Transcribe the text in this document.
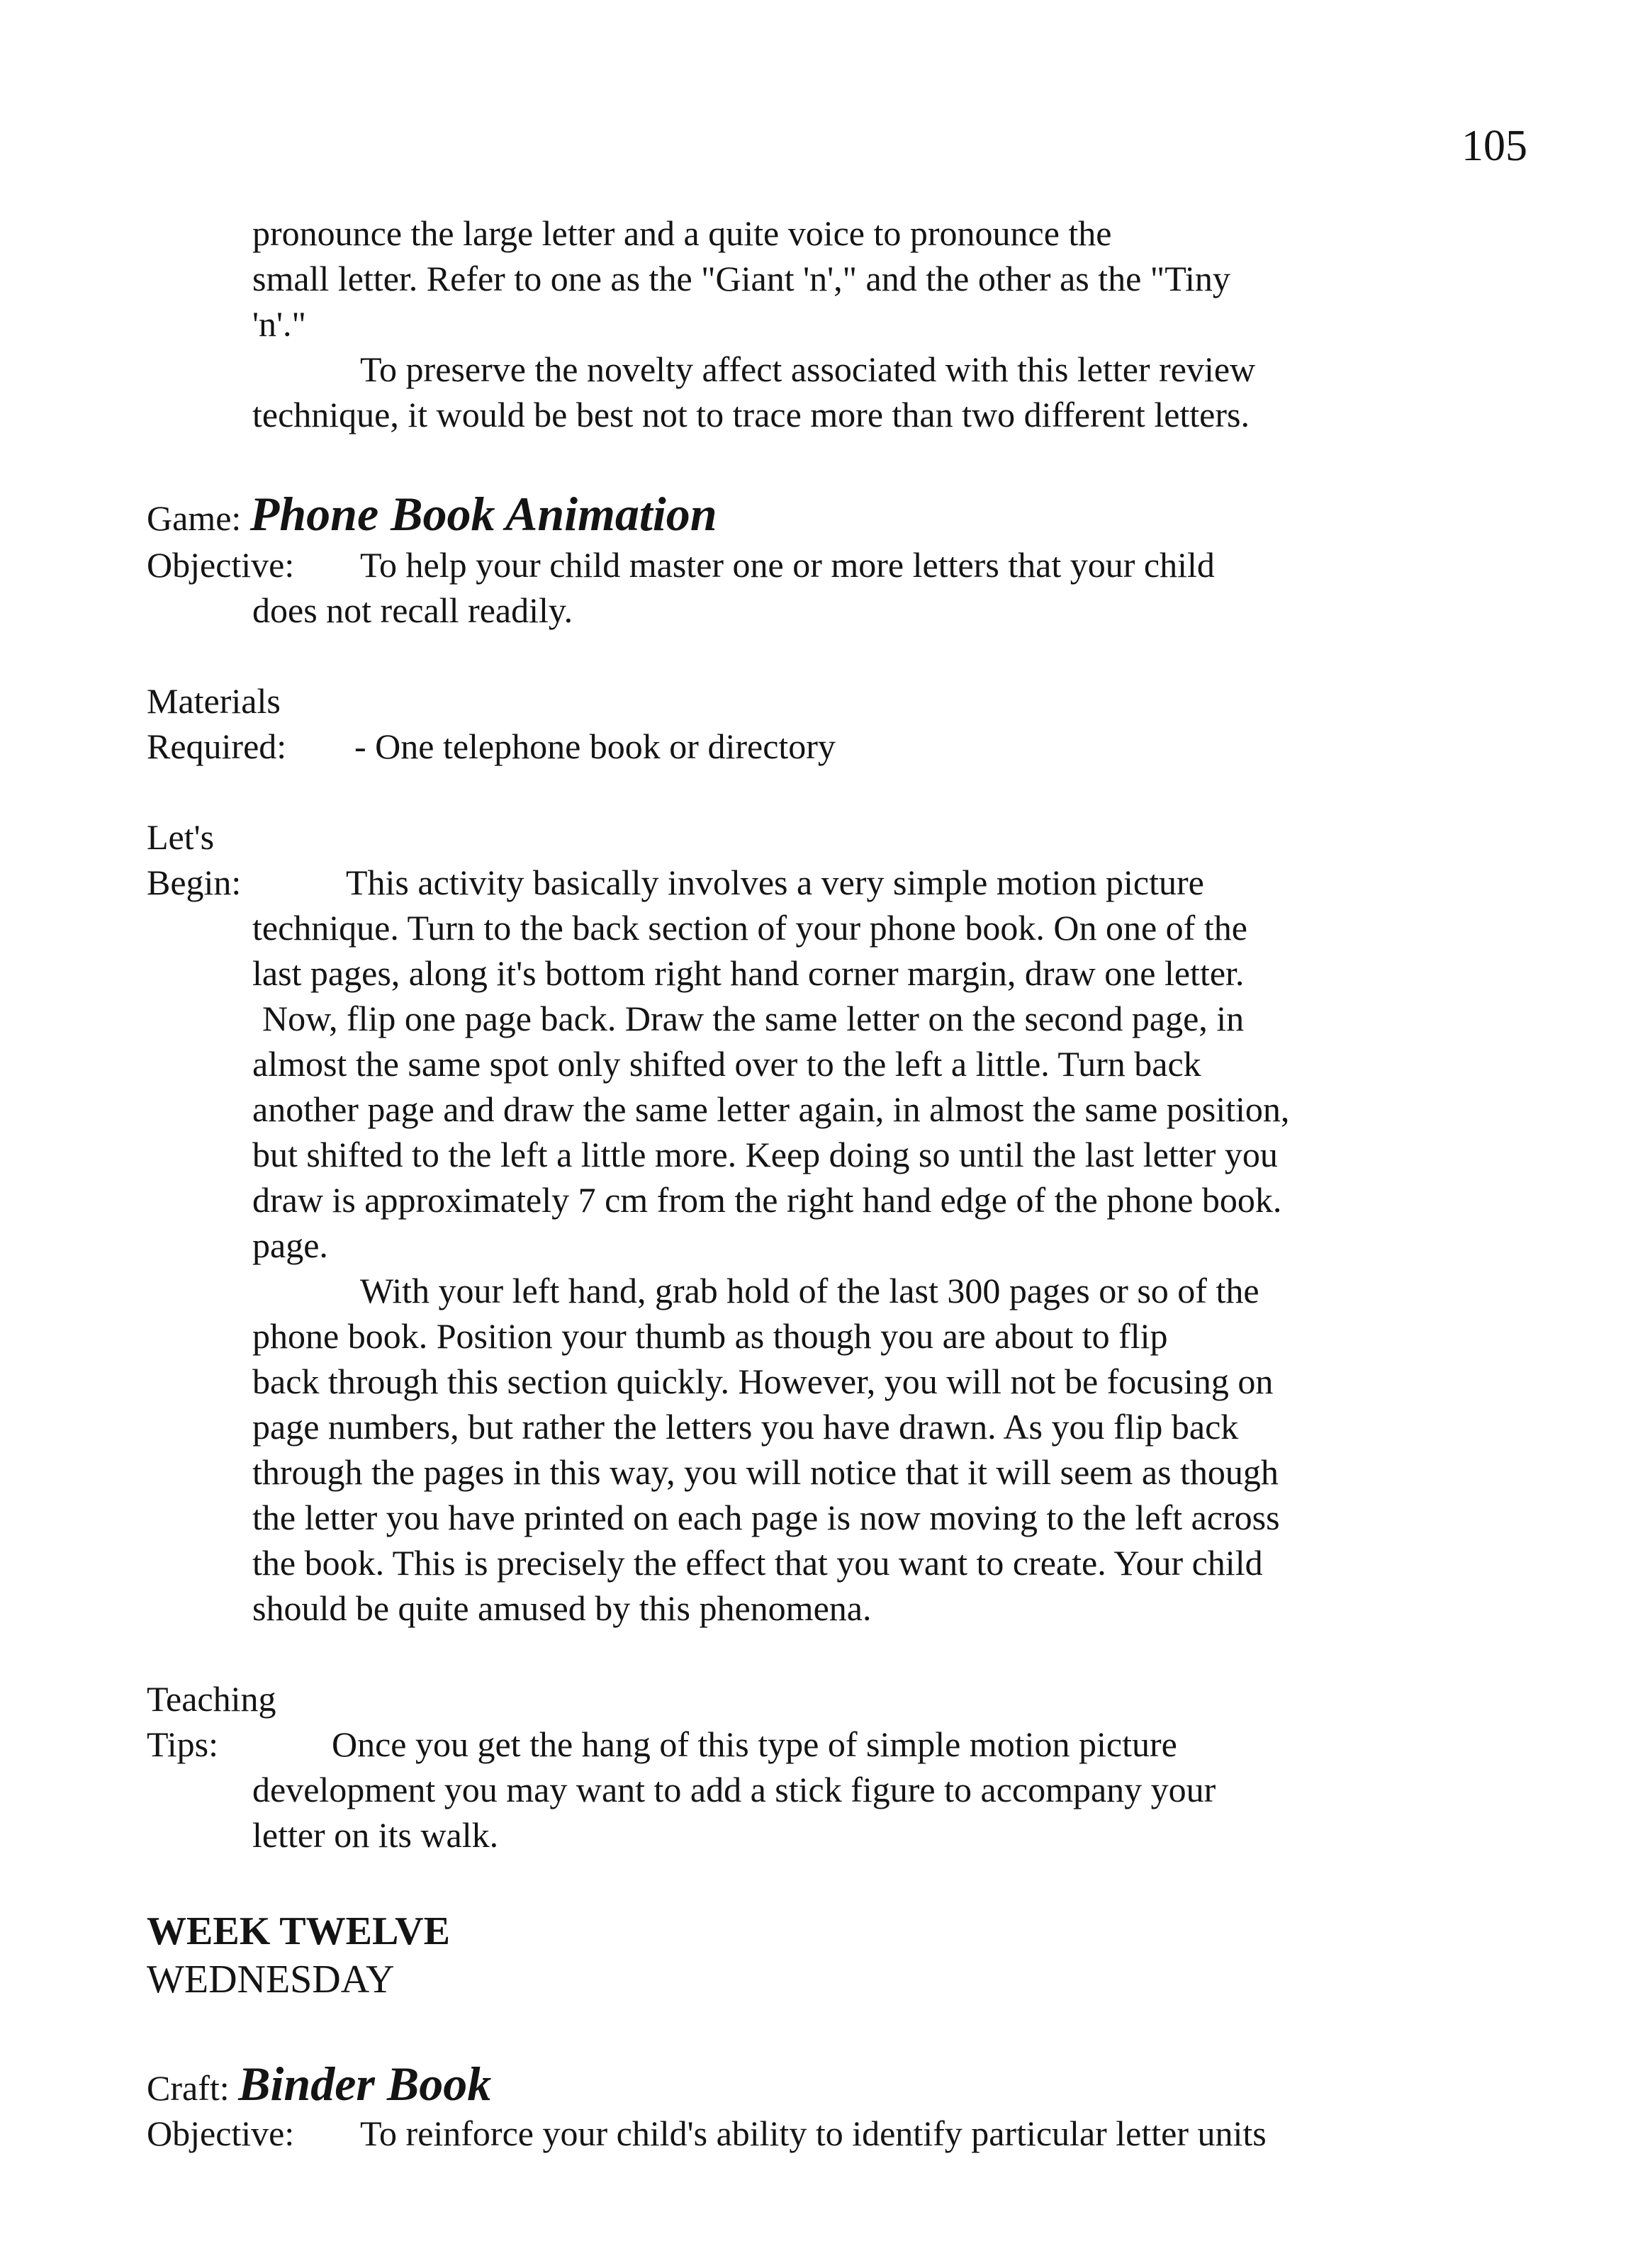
105
pronounce the large letter and a quite voice to pronounce the
small letter. Refer to one as the "Giant 'n'," and the other as the "Tiny
'n'."
To preserve the novelty affect associated with this letter review
technique, it would be best not to trace more than two different letters.
Game: Phone Book Animation
Objective: To help your child master one or more letters that your child
does not recall readily.
Materials
Required: - One telephone book or directory
Let's
Begin:	This activity basically involves a very simple motion picture
technique. Turn to the back section of your phone book. On one of the
last pages, along it's bottom right hand corner margin, draw one letter.
Now, flip one page back. Draw the same letter on the second page, in
almost the same spot only shifted over to the left a little. Turn back
another page and draw the same letter again, in almost the same position,
but shifted to the left a little more. Keep doing so until the last letter you
draw is approximately 7 cm from the right hand edge of the phone book.
page.
With your left hand, grab hold of the last 300 pages or so of the
phone book. Position your thumb as though you are about to flip
back through this section quickly. However, you will not be focusing on
page numbers, but rather the letters you have drawn. As you flip back
through the pages in this way, you will notice that it will seem as though
the letter you have printed on each page is now moving to the left across
the book. This is precisely the effect that you want to create. Your child
should be quite amused by this phenomena.
Teaching
Tips:	Once you get the hang of this type of simple motion picture
development you may want to add a stick figure to accompany your
letter on its walk.
WEEK TWELVE
WEDNESDAY
Craft: Binder Book
Objective: To reinforce your child's ability to identify particular letter units
